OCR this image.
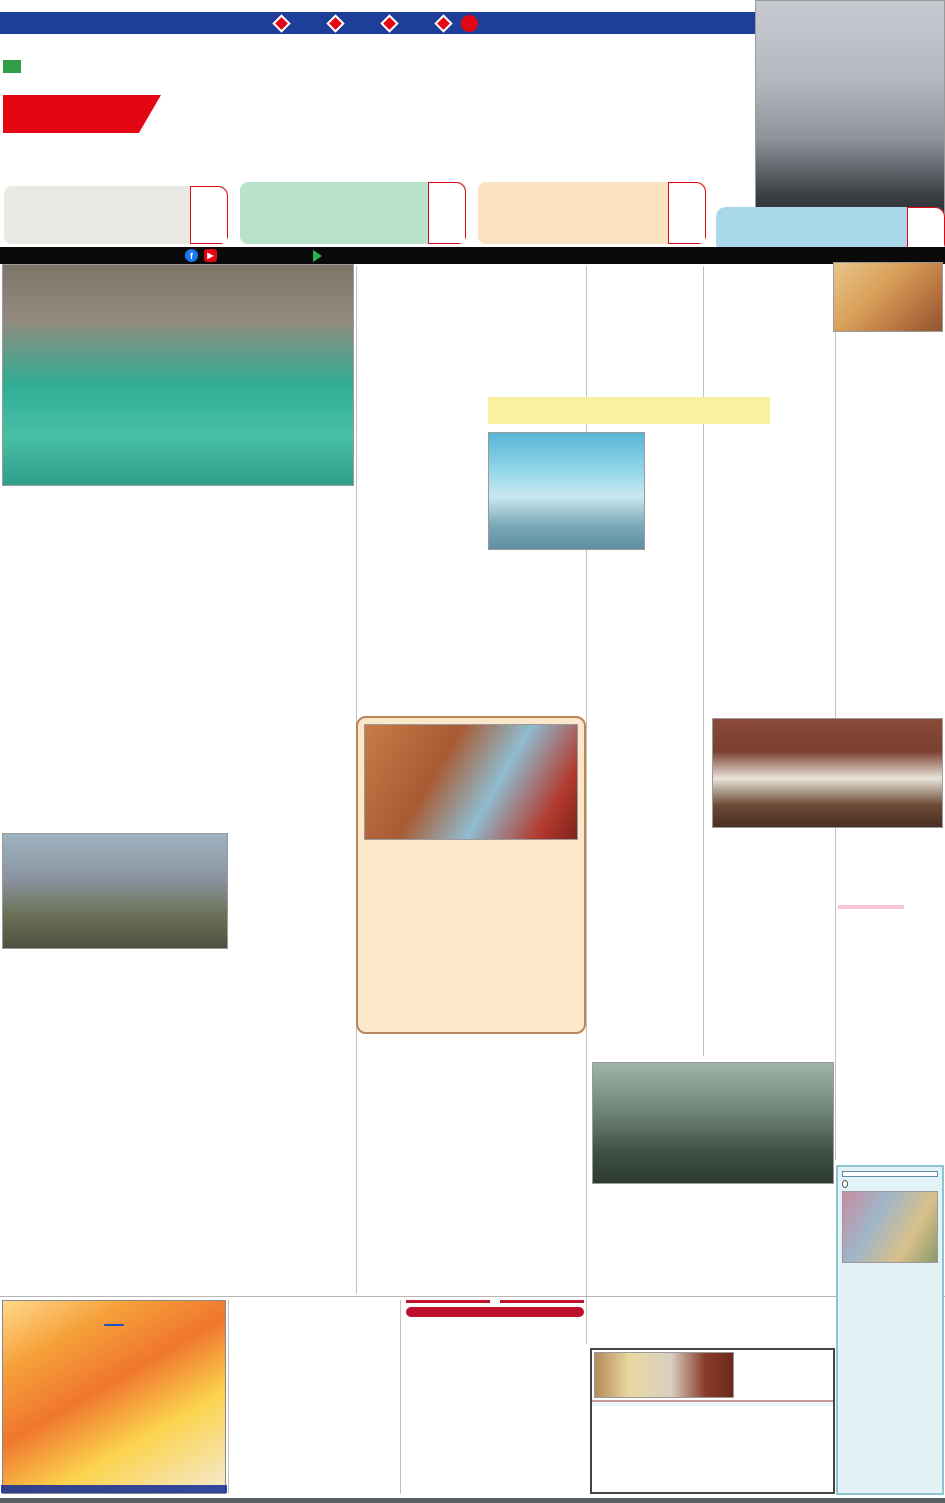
f	▶
